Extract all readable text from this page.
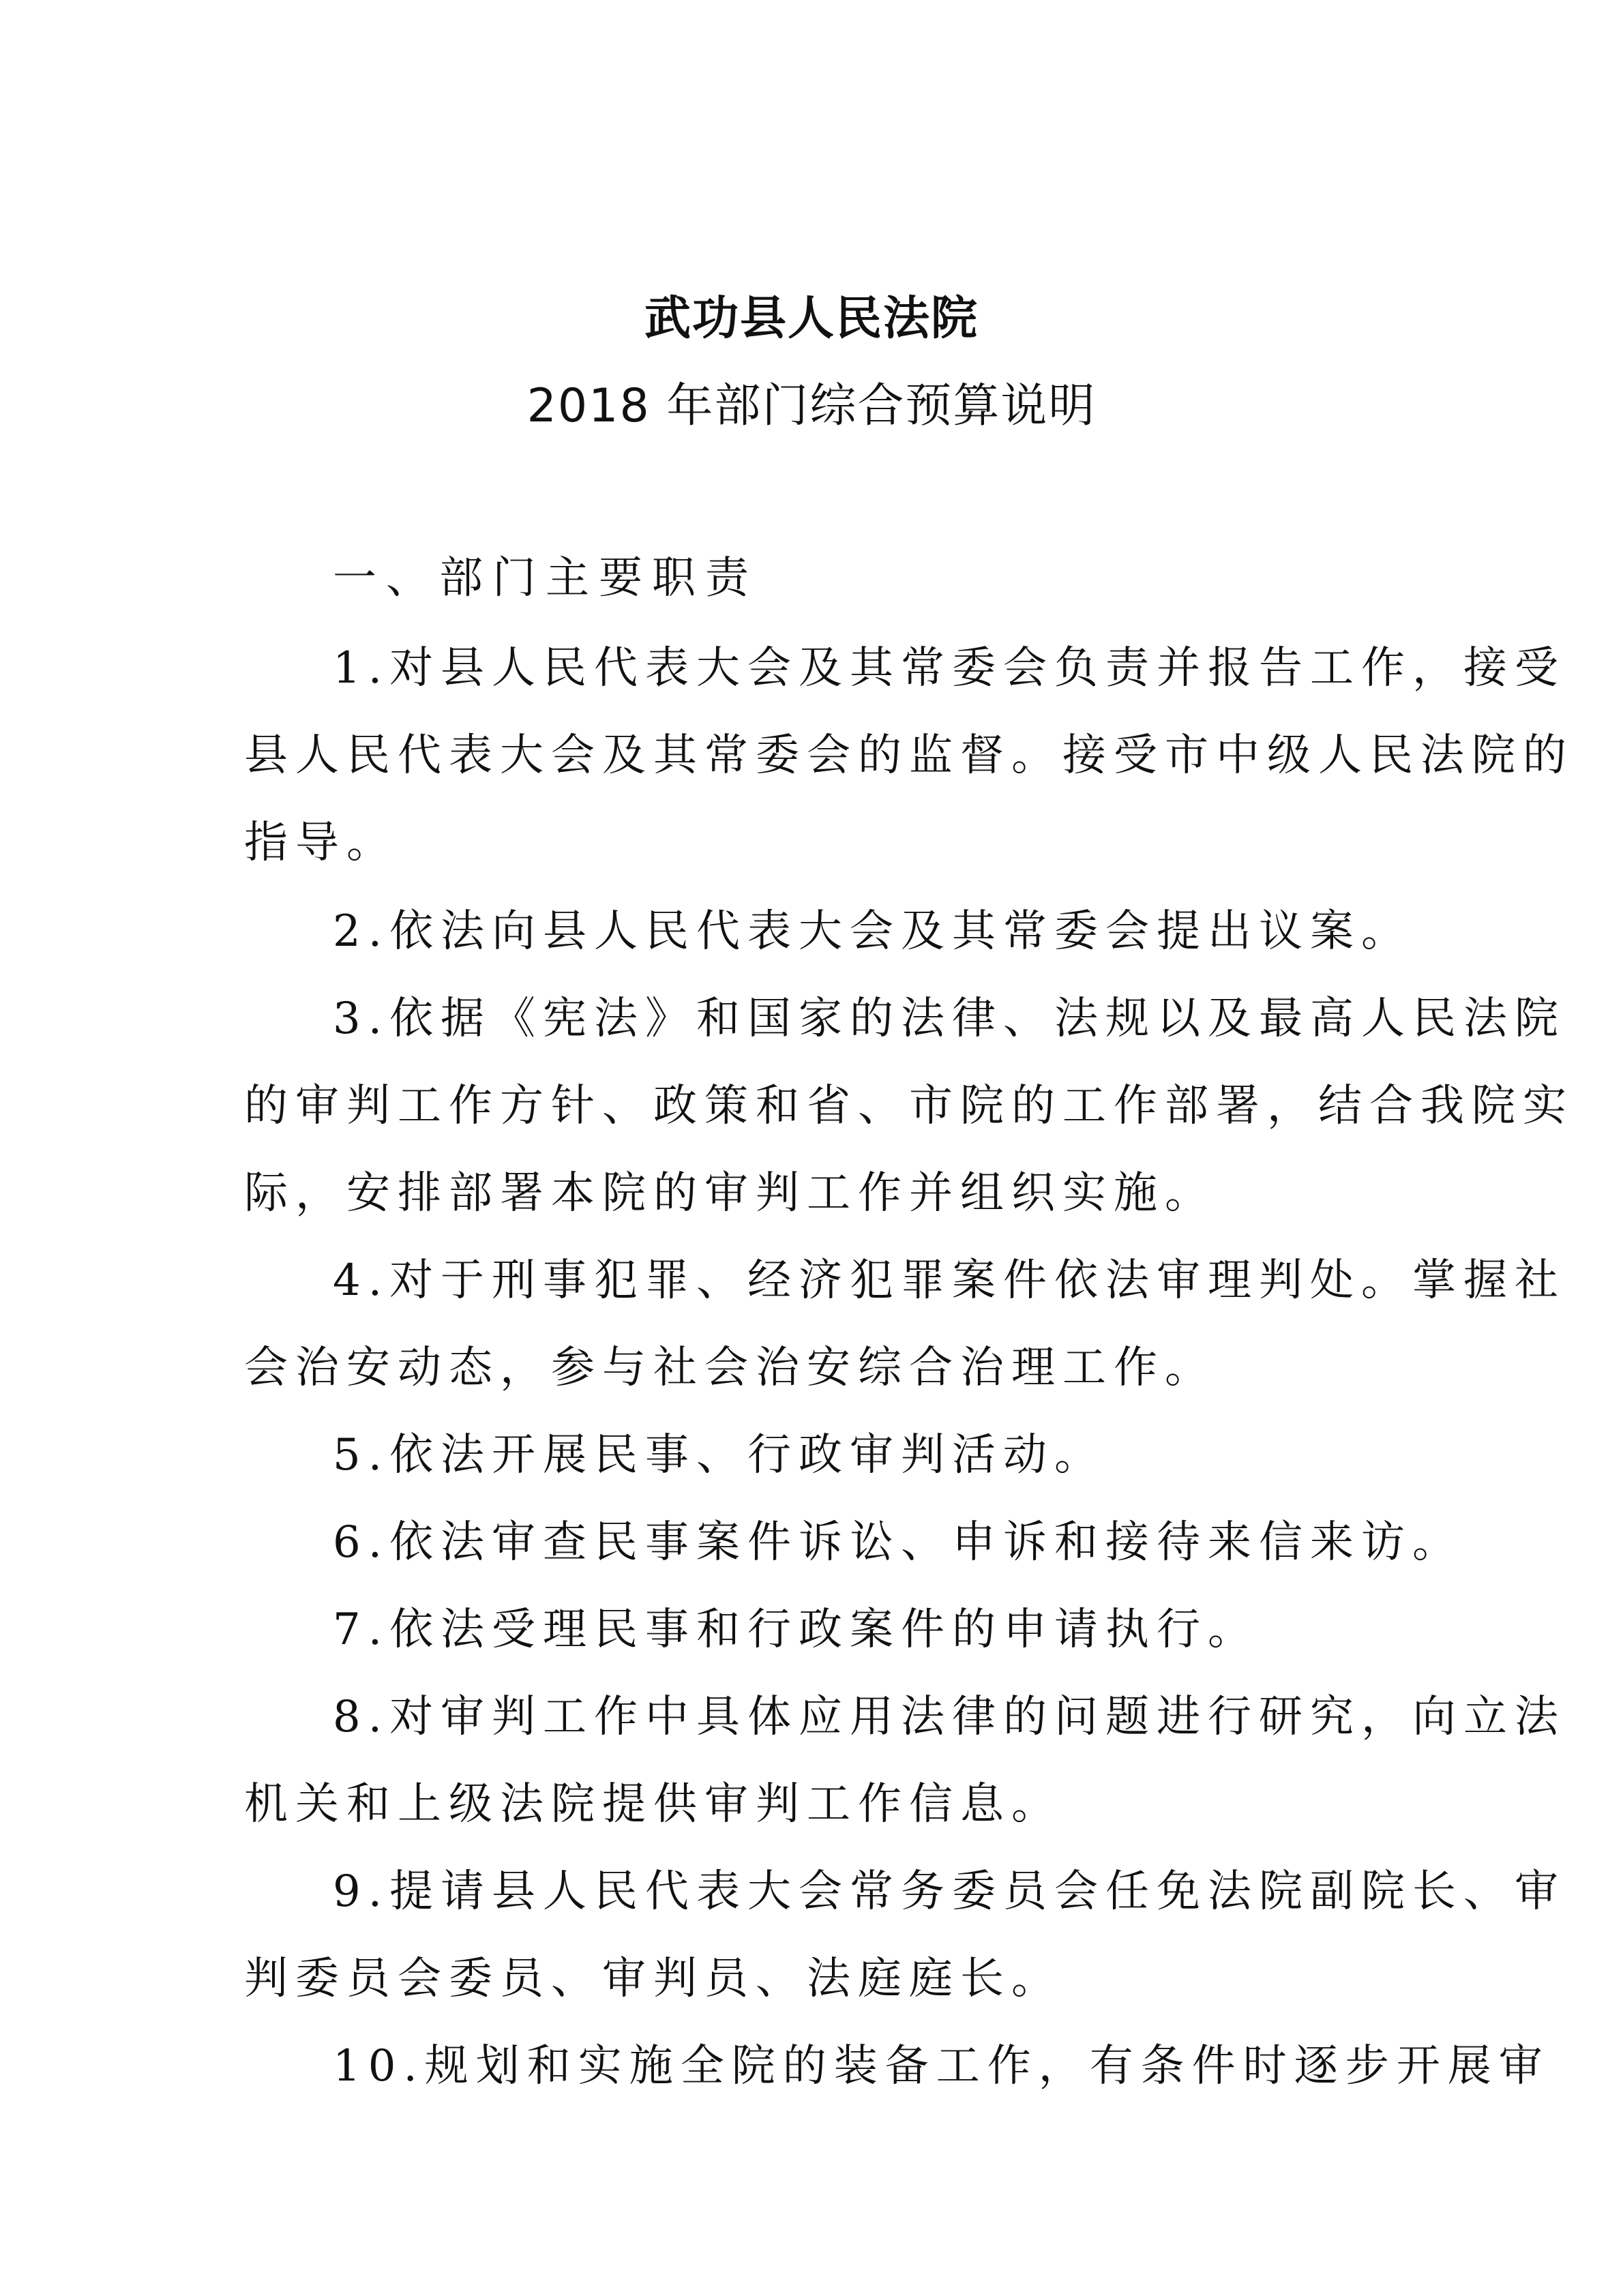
武功县人民法院
2018 年部门综合预算说明
一、部门主要职责
1.对县人民代表大会及其常委会负责并报告工作，接受
县人民代表大会及其常委会的监督。接受市中级人民法院的
指导。
2.依法向县人民代表大会及其常委会提出议案。
3.依据《宪法》和国家的法律、法规以及最高人民法院
的审判工作方针、政策和省、市院的工作部署，结合我院实
际，安排部署本院的审判工作并组织实施。
4.对于刑事犯罪、经济犯罪案件依法审理判处。掌握社
会治安动态，参与社会治安综合治理工作。
5.依法开展民事、行政审判活动。
6.依法审查民事案件诉讼、申诉和接待来信来访。
7.依法受理民事和行政案件的申请执行。
8.对审判工作中具体应用法律的问题进行研究，向立法
机关和上级法院提供审判工作信息。
9.提请县人民代表大会常务委员会任免法院副院长、审
判委员会委员、审判员、法庭庭长。
10.规划和实施全院的装备工作，有条件时逐步开展审
